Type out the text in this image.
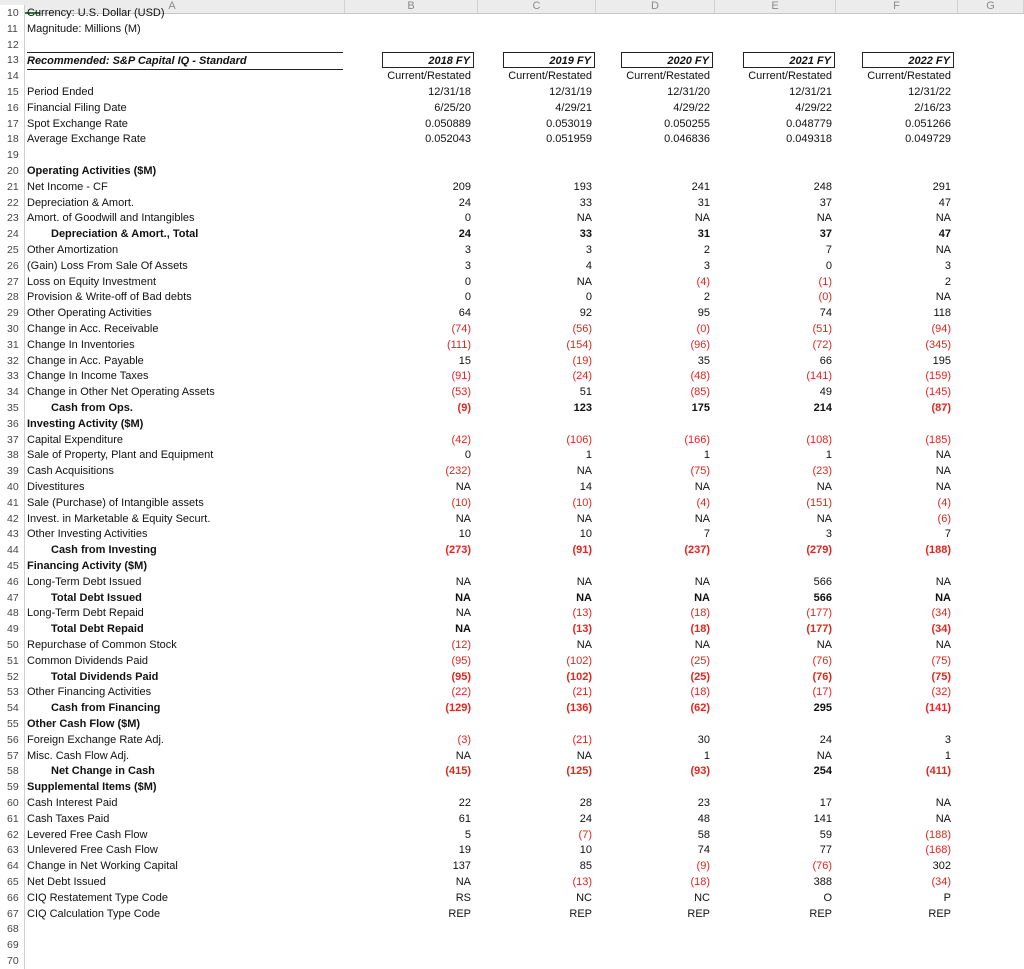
A	B	C	D	E	F	G
10 Currency: U.S. Dollar (USD)
11 Magnitude: Millions (M)
12
13 Recommended: S&P Capital IQ - Standard	2018 FY	2019 FY	2020 FY	2021 FY	2022 FY
14	Current/Restated	Current/Restated	Current/Restated	Current/Restated	Current/Restated
15 Period Ended	12/31/18	12/31/19	12/31/20	12/31/21	12/31/22
16 Financial Filing Date	6/25/20	4/29/21	4/29/22	4/29/22	2/16/23
17 Spot Exchange Rate	0.050889	0.053019	0.050255	0.048779	0.051266
18 Average Exchange Rate	0.052043	0.051959	0.046836	0.049318	0.049729
19
20 Operating Activities ($M)
21 Net Income - CF	209	193	241	248	291
22 Depreciation & Amort.	24	33	31	37	47
23 Amort. of Goodwill and Intangibles	0	NA	NA	NA	NA
24	Depreciation & Amort., Total	24	33	31	37	47
25 Other Amortization	3	3	2	7	NA
26 (Gain) Loss From Sale Of Assets	3	4	3	0	3
27 Loss on Equity Investment	0	NA	(4)	(1)	2
28 Provision & Write-off of Bad debts	0	0	2	(0)	NA
29 Other Operating Activities	64	92	95	74	118
30 Change in Acc. Receivable	(74)	(56)	(0)	(51)	(94)
31 Change In Inventories	(111)	(154)	(96)	(72)	(345)
32 Change in Acc. Payable	15	(19)	35	66	195
33 Change In Income Taxes	(91)	(24)	(48)	(141)	(159)
34 Change in Other Net Operating Assets	(53)	51	(85)	49	(145)
35	Cash from Ops.	(9)	123	175	214	(87)
36 Investing Activity ($M)
37 Capital Expenditure	(42)	(106)	(166)	(108)	(185)
38 Sale of Property, Plant and Equipment	0	1	1	1	NA
39 Cash Acquisitions	(232)	NA	(75)	(23)	NA
40 Divestitures	NA	14	NA	NA	NA
41 Sale (Purchase) of Intangible assets	(10)	(10)	(4)	(151)	(4)
42 Invest. in Marketable & Equity Securt.	NA	NA	NA	NA	(6)
43 Other Investing Activities	10	10	7	3	7
44	Cash from Investing	(273)	(91)	(237)	(279)	(188)
45 Financing Activity ($M)
46 Long-Term Debt Issued	NA	NA	NA	566	NA
47	Total Debt Issued	NA	NA	NA	566	NA
48 Long-Term Debt Repaid	NA	(13)	(18)	(177)	(34)
49	Total Debt Repaid	NA	(13)	(18)	(177)	(34)
50 Repurchase of Common Stock	(12)	NA	NA	NA	NA
51 Common Dividends Paid	(95)	(102)	(25)	(76)	(75)
52	Total Dividends Paid	(95)	(102)	(25)	(76)	(75)
53 Other Financing Activities	(22)	(21)	(18)	(17)	(32)
54	Cash from Financing	(129)	(136)	(62)	295	(141)
55 Other Cash Flow ($M)
56 Foreign Exchange Rate Adj.	(3)	(21)	30	24	3
57 Misc. Cash Flow Adj.	NA	NA	1	NA	1
58	Net Change in Cash	(415)	(125)	(93)	254	(411)
59 Supplemental Items ($M)
60 Cash Interest Paid	22	28	23	17	NA
61 Cash Taxes Paid	61	24	48	141	NA
62 Levered Free Cash Flow	5	(7)	58	59	(188)
63 Unlevered Free Cash Flow	19	10	74	77	(168)
64 Change in Net Working Capital	137	85	(9)	(76)	302
65 Net Debt Issued	NA	(13)	(18)	388	(34)
66 CIQ Restatement Type Code	RS	NC	NC	O	P
67 CIQ Calculation Type Code	REP	REP	REP	REP	REP
68
69
70
